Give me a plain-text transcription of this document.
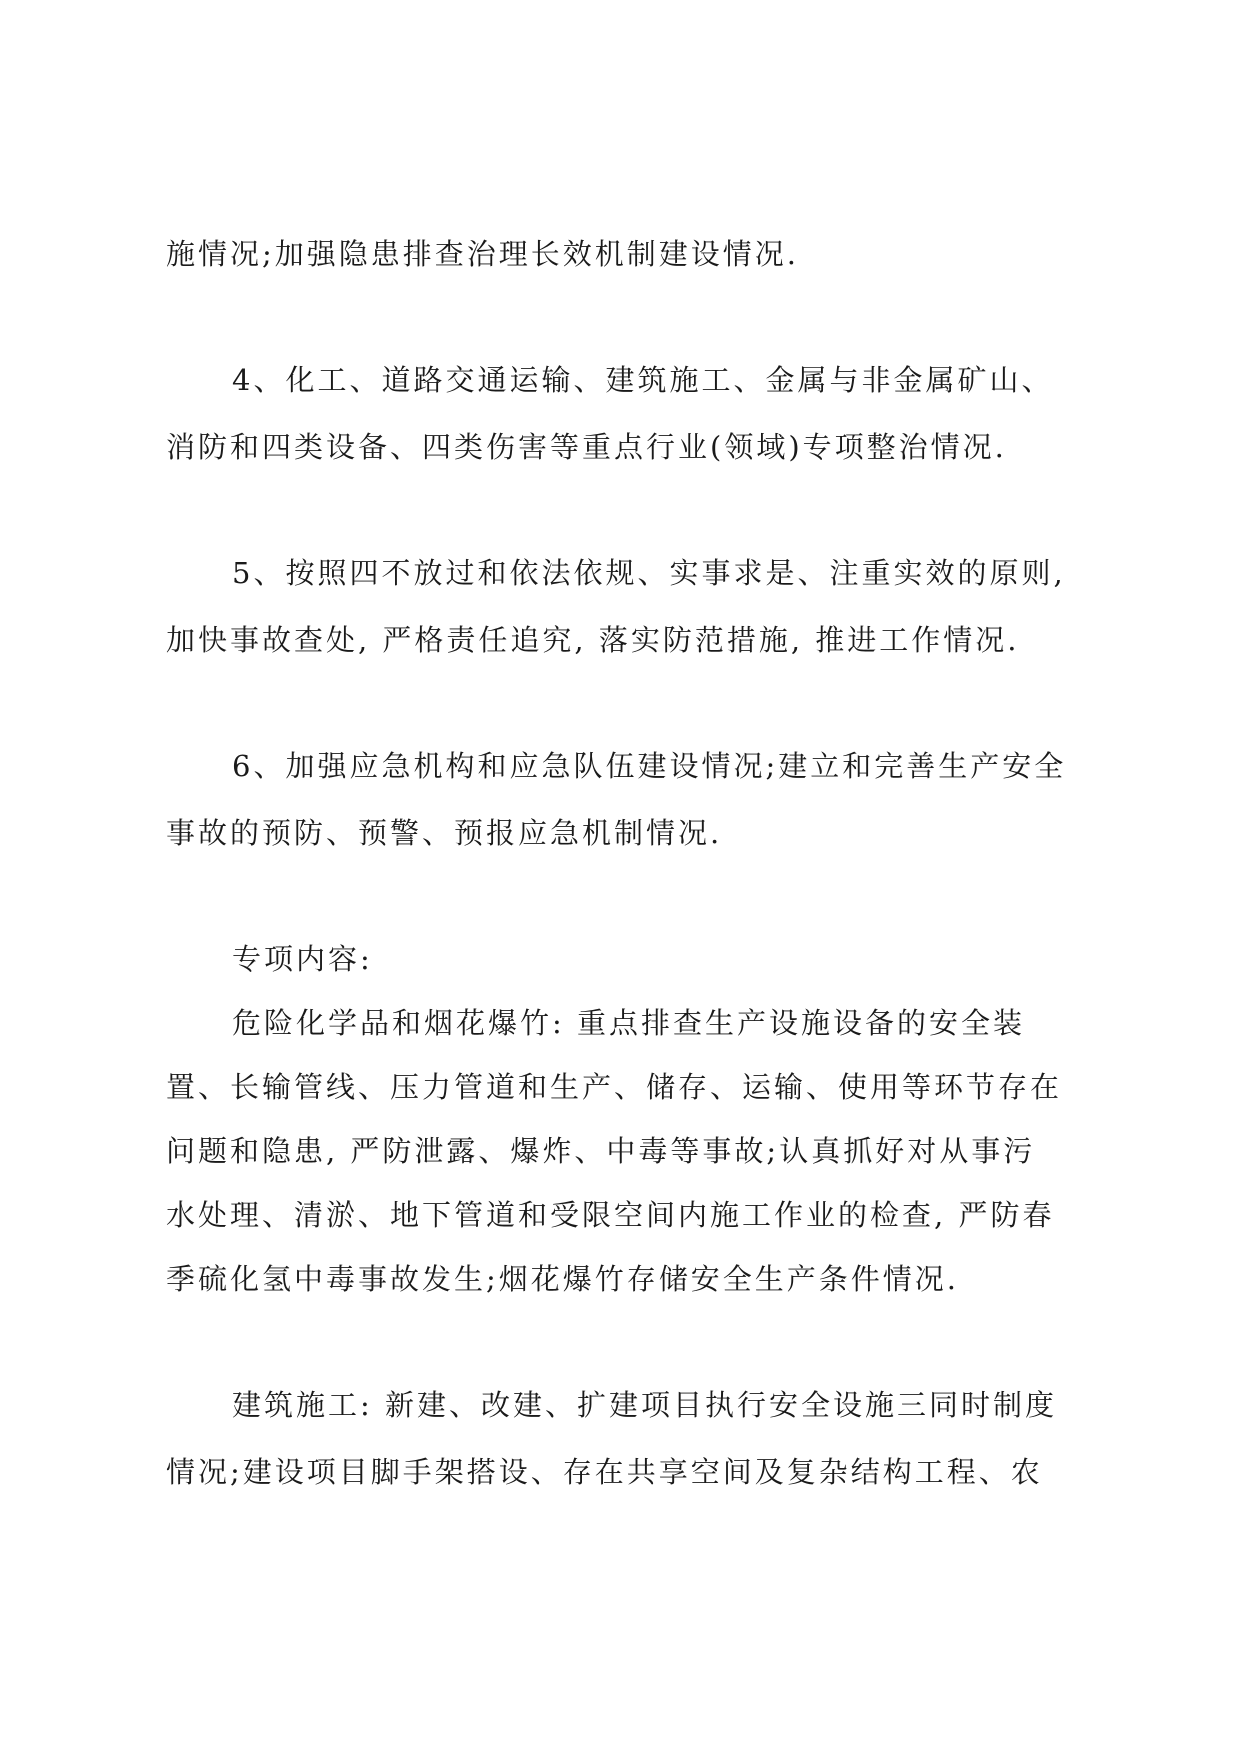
施情况;加强隐患排查治理长效机制建设情况.
4、化工、道路交通运输、建筑施工、金属与非金属矿山、
消防和四类设备、四类伤害等重点行业(领域)专项整治情况.
5、按照四不放过和依法依规、实事求是、注重实效的原则,
加快事故查处, 严格责任追究, 落实防范措施, 推进工作情况.
6、加强应急机构和应急队伍建设情况;建立和完善生产安全
事故的预防、预警、预报应急机制情况.
专项内容:
危险化学品和烟花爆竹: 重点排查生产设施设备的安全装
置、长输管线、压力管道和生产、储存、运输、使用等环节存在
问题和隐患, 严防泄露、爆炸、中毒等事故;认真抓好对从事污
水处理、清淤、地下管道和受限空间内施工作业的检查, 严防春
季硫化氢中毒事故发生;烟花爆竹存储安全生产条件情况.
建筑施工: 新建、改建、扩建项目执行安全设施三同时制度
情况;建设项目脚手架搭设、存在共享空间及复杂结构工程、农
